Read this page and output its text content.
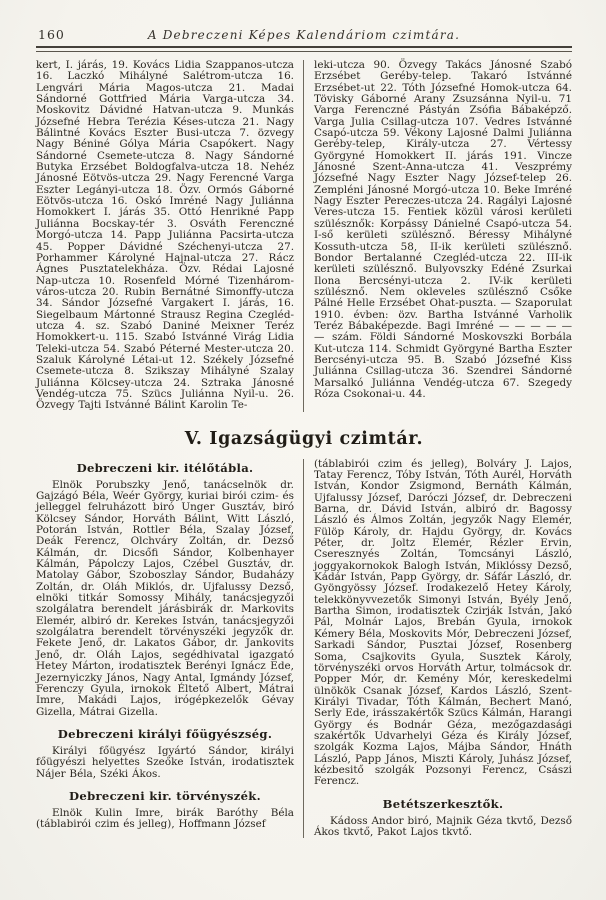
160	A Debreczeni Képes Kalendáriom czimtára.

kert, I. járás, 19. Kovács Lidia Szappanos-utcza 16. Laczkó Mihályné Salétrom-utcza 16. Lengvári Mária Magos-utcza 21. Madai Sándorné Gottfried Mária Varga-utcza 34. Moskovitz Dávidné Hatvan-utcza 9. Munkás Józsefné Hebra Terézia Késes-utcza 21. Nagy Bálintné Kovács Eszter Busi-utcza 7. özvegy Nagy Béniné Gólya Mária Csapókert. Nagy Sándorné Csemete-utcza 8. Nagy Sándorné Butyka Erzsébet Boldogfalva-utcza 18. Nehéz Jánosné Eötvös-utcza 29. Nagy Ferencné Varga Eszter Legányi-utcza 18. Özv. Ormós Gáborné Eötvös-utcza 16. Oskó Imréné Nagy Juliánna Homokkert I. járás 35. Ottó Henrikné Papp Juliánna Bocskay-tér 3. Osváth Ferenczné Morgó-utcza 14. Papp Juliánna Pacsirta-utcza 45. Popper Dávidné Széchenyi-utcza 27. Porhammer Károlyné Hajnal-utcza 27. Rácz Ágnes Pusztatelekháza. Özv. Rédai Lajosné Nap-utcza 10. Rosenfeld Mórné Tizenhárom-város-utcza 20. Rubin Bernátné Simonffy-utcza 34. Sándor Józsefné Vargakert I. járás, 16. Siegelbaum Mártonné Strausz Regina Czegléd-utcza 4. sz. Szabó Daniné Meixner Teréz Homokkert-u. 115. Szabó Istvánné Virág Lidia Teleki-utcza 54. Szabó Péterné Mester-utcza 20. Szaluk Károlyné Létai-ut 12. Székely Józsefné Csemete-utcza 8. Szikszay Mihályné Szalay Juliánna Kölcsey-utcza 24. Sztraka Jánosné Vendég-utcza 75. Szücs Juliánna Nyil-u. 26. Özvegy Tajti Istvánné Bálint Karolin Te-

leki-utcza 90. Özvegy Takács Jánosné Szabó Erzsébet Geréby-telep. Takaró Istvánné Erzsébet-ut 22. Tóth Józsefné Homok-utcza 64. Tövisky Gáborné Arany Zsuzsánna Nyil-u. 71 Varga Ferenczné Pástyán Zsófia Bábaképző. Varga Julia Csillag-utcza 107. Vedres Istvánné Csapó-utcza 59. Vékony Lajosné Dalmi Juliánna Geréby-telep, Király-utcza 27. Vértessy Györgyné Homokkert II. járás 191. Vincze Jánosné Szent-Anna-utcza 41. Veszprémy Józsefné Nagy Eszter Nagy József-telep 26. Zempléni Jánosné Morgó-utcza 10. Beke Imréné Nagy Eszter Pereczes-utcza 24. Ragályi Lajosné Veres-utcza 15. Fentiek közül városi kerületi szülésznők: Korpássy Dánielné Csapó-utcza 54. I-ső kerületi szülésznő. Béressy Mihályné Kossuth-utcza 58, II-ik kerületi szülésznő. Bondor Bertalanné Czegléd-utcza 22. III-ik kerületi szülésznő. Bulyovszky Edéné Zsurkai Ilona Bercsényi-utcza 2. IV-ik kerületi szülésznő. Nem okleveles szülésznő Csőke Pálné Helle Erzsébet Ohat-puszta. — Szaporulat 1910. évben: özv. Bartha Istvánné Varholik Teréz Bábaképezde. Bagi Imréné — — — — — — szám. Földi Sándorné Moskovszki Borbála Kut-utcza 114. Schmidt Györgyné Bartha Eszter Bercsényi-utcza 95. B. Szabó Józsefné Kiss Juliánna Csillag-utcza 36. Szendrei Sándorné Marsalkó Juliánna Vendég-utcza 67. Szegedy Róza Csokonai-u. 44.

V. Igazságügyi czimtár.
Debreczeni kir. itélőtábla.

Elnök Porubszky Jenő, tanácselnök dr. Gajzágó Béla, Weér György, kuriai birói czim- és jelleggel felruházott biró Unger Gusztáv, biró Kölcsey Sándor, Horváth Bálint, Witt László, Potorán István, Rottler Béla, Szalay József, Deák Ferencz, Olchváry Zoltán, dr. Dezső Kálmán, dr. Dicsőfi Sándor, Kolbenhayer Kálmán, Pápolczy Lajos, Czébel Gusztáv, dr. Matolay Gábor, Szoboszlay Sándor, Budaházy Zoltán, dr. Oláh Miklós, dr. Ujfalussy Dezső, elnöki titkár Somossy Mihály, tanácsjegyzői szolgálatra berendelt járásbirák dr. Markovits Elemér, albiró dr. Kerekes István, tanácsjegyzői szolgálatra berendelt törvényszéki jegyzők dr. Fekete Jenő, dr. Lakatos Gábor, dr. Jankovits Jenő, dr. Oláh Lajos, segédhivatal igazgató Hetey Márton, irodatisztek Berényi Ignácz Ede, Jezernyiczky János, Nagy Antal, Igmándy József, Ferenczy Gyula, irnokok Éltető Albert, Mátrai Imre, Makádi Lajos, irógépkezelők Gévay Gizella, Mátrai Gizella.

Debreczeni királyi főügyészség.

Királyi főügyész Igyártó Sándor, királyi főügyészi helyettes Szeőke István, irodatisztek Nájer Béla, Széki Ákos.

Debreczeni kir. törvényszék.

Elnök Kulin Imre, birák Baróthy Béla (táblabirói czim és jelleg), Hoffmann József

(táblabirói czim és jelleg), Bolváry J. Lajos, Tatay Ferencz, Tóby István, Tóth Aurél, Horváth István, Kondor Zsigmond, Bernáth Kálmán, Ujfalussy József, Daróczi József, dr. Debreczeni Barna, dr. Dávid István, albiró dr. Bagossy László és Álmos Zoltán, jegyzők Nagy Elemér, Fülöp Károly, dr. Hajdu György, dr. Kovács Péter, dr. Joltz Elemér, Rézler Ervin, Cseresznyés Zoltán, Tomcsányi László, joggyakornokok Balogh István, Miklóssy Dezső, Kádár István, Papp György, dr. Sáfár László, dr. Gyöngyössy József. Irodakezelő Hetey Károly, telekkönyvvezetők Simonyi István, Byély Jenő, Bartha Simon, irodatisztek Czirják István, Jakó Pál, Molnár Lajos, Brebán Gyula, irnokok Kémery Béla, Moskovits Mór, Debreczeni József, Sarkadi Sándor, Pusztai József, Rosenberg Soma, Csajkovits Gyula, Susztek Károly, törvényszéki orvos Horváth Artur, tolmácsok dr. Popper Mór, dr. Kemény Mór, kereskedelmi ülnökök Csanak József, Kardos László, Szent-Királyi Tivadar, Tóth Kálmán, Bechert Manó, Serly Ede, irásszakértők Szücs Kálmán, Harangi György és Bodnár Géza, mezőgazdasági szakértők Udvarhelyi Géza és Király József, szolgák Kozma Lajos, Májba Sándor, Hnáth László, Papp János, Miszti Károly, Juhász József, kézbesitő szolgák Pozsonyi Ferencz, Császi Ferencz.

Betétszerkesztők.

Kádoss Andor biró, Majnik Géza tkvtő, Dezső Ákos tkvtő, Pakot Lajos tkvtő.
